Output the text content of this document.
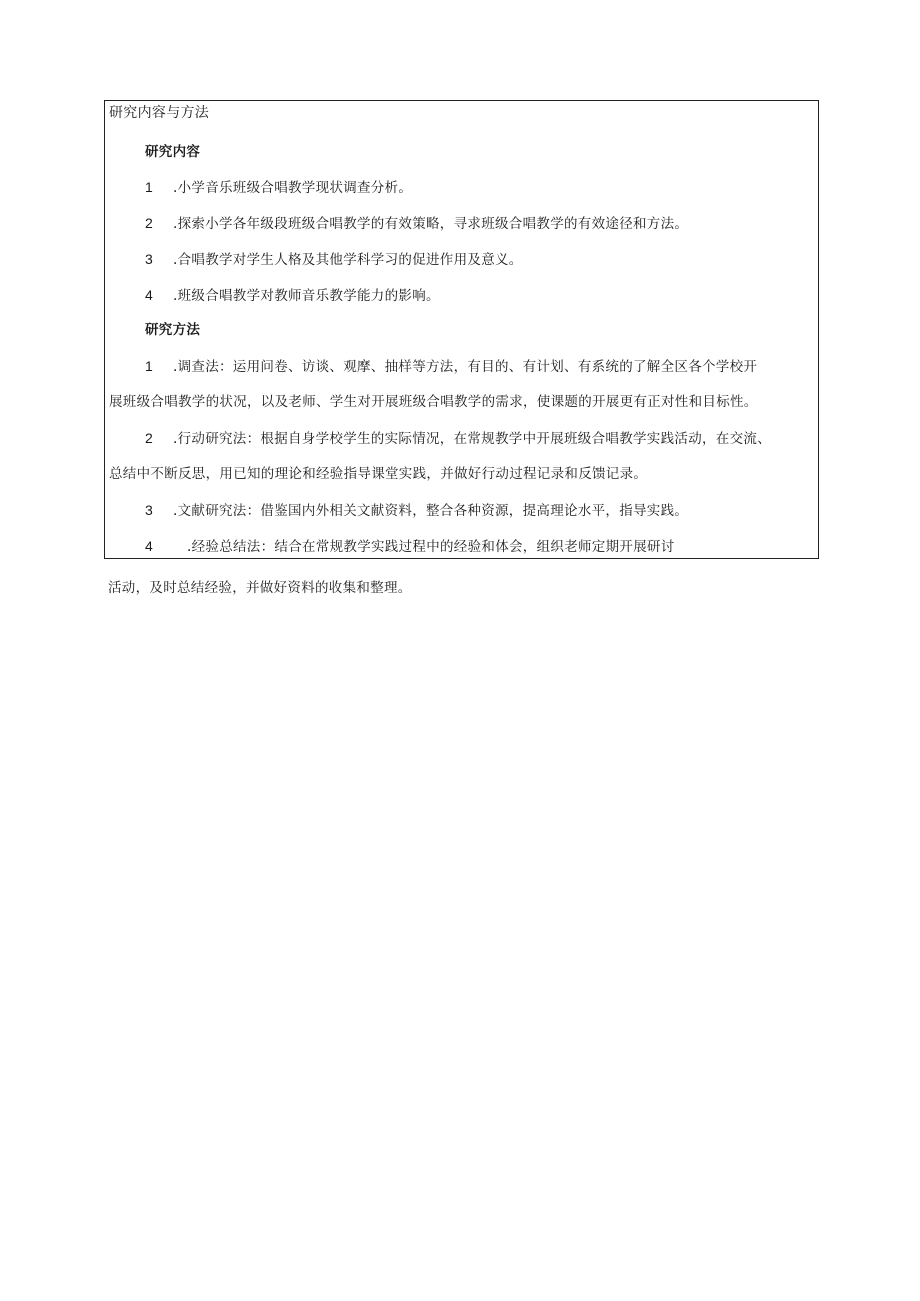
研究内容与方法
研究内容
1 .小学音乐班级合唱教学现状调查分析。
2 .探索小学各年级段班级合唱教学的有效策略，寻求班级合唱教学的有效途径和方法。
3 .合唱教学对学生人格及其他学科学习的促进作用及意义。
4 .班级合唱教学对教师音乐教学能力的影响。
研究方法
1 .调查法：运用问卷、访谈、观摩、抽样等方法，有目的、有计划、有系统的了解全区各个学校开
展班级合唱教学的状况，以及老师、学生对开展班级合唱教学的需求，使课题的开展更有正对性和目标性。
2 .行动研究法：根据自身学校学生的实际情况，在常规教学中开展班级合唱教学实践活动，在交流、
总结中不断反思，用已知的理论和经验指导课堂实践，并做好行动过程记录和反馈记录。
3 .文献研究法：借鉴国内外相关文献资料，整合各种资源，提高理论水平，指导实践。
4	.经验总结法：结合在常规教学实践过程中的经验和体会，组织老师定期开展研讨
活动，及时总结经验，并做好资料的收集和整理。
